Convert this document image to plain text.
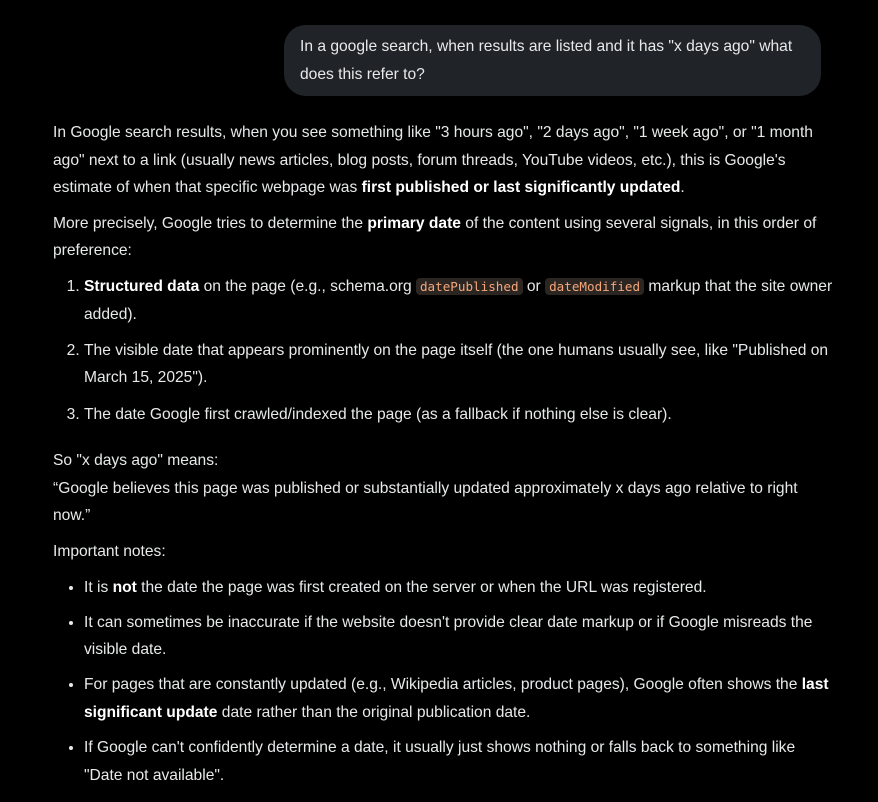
In a google search, when results are listed and it has "x days ago" what does this refer to?

In Google search results, when you see something like "3 hours ago", "2 days ago", "1 week ago", or "1 month ago" next to a link (usually news articles, blog posts, forum threads, YouTube videos, etc.), this is Google's estimate of when that specific webpage was first published or last significantly updated.

More precisely, Google tries to determine the primary date of the content using several signals, in this order of preference:

1. Structured data on the page (e.g., schema.org datePublished or dateModified markup that the site owner added).
2. The visible date that appears prominently on the page itself (the one humans usually see, like "Published on March 15, 2025").
3. The date Google first crawled/indexed the page (as a fallback if nothing else is clear).

So "x days ago" means:
“Google believes this page was published or substantially updated approximately x days ago relative to right now.”

Important notes:

• It is not the date the page was first created on the server or when the URL was registered.
• It can sometimes be inaccurate if the website doesn't provide clear date markup or if Google misreads the visible date.
• For pages that are constantly updated (e.g., Wikipedia articles, product pages), Google often shows the last significant update date rather than the original publication date.
• If Google can't confidently determine a date, it usually just shows nothing or falls back to something like "Date not available".
